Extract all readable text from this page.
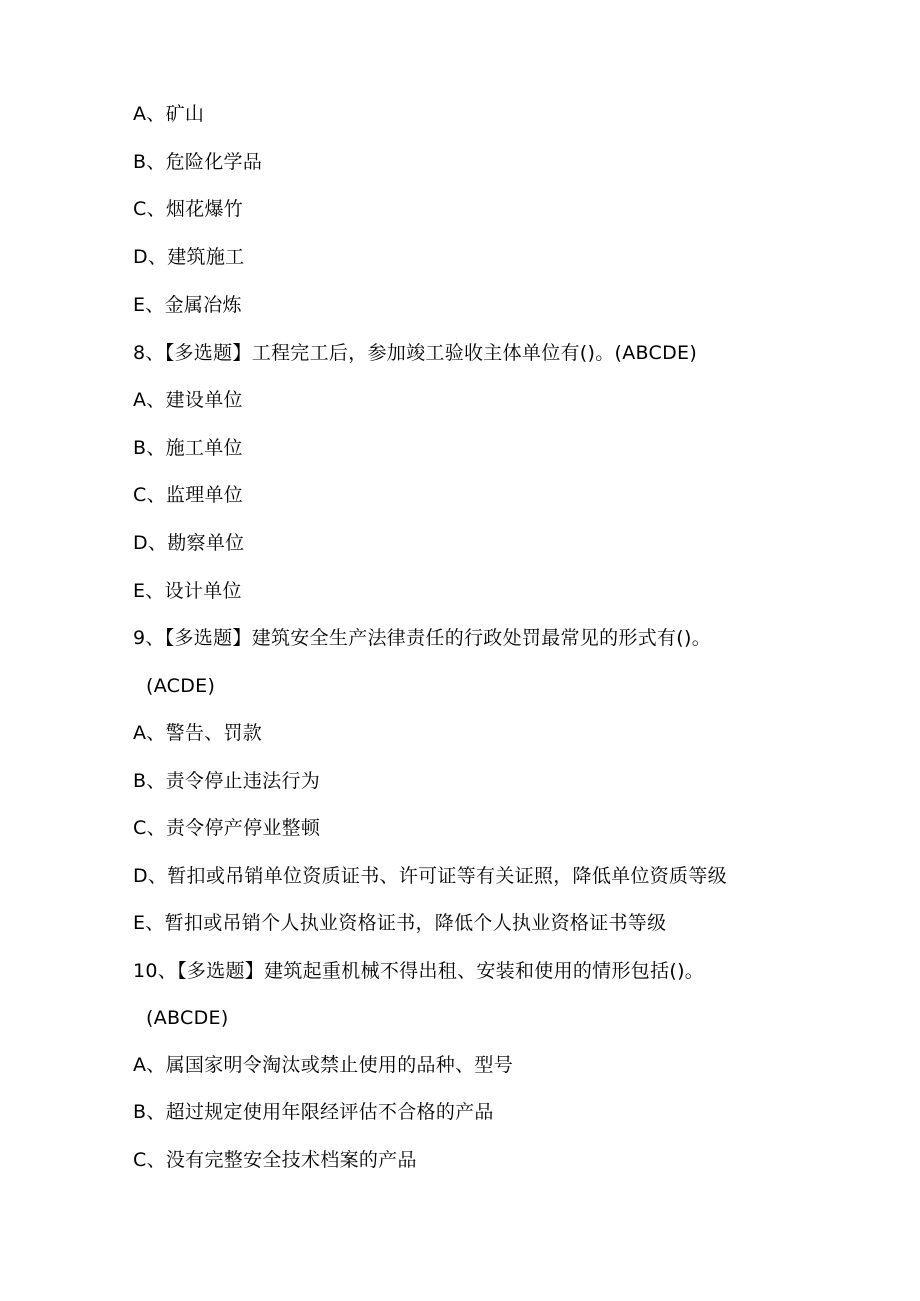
A、矿山
B、危险化学品
C、烟花爆竹
D、建筑施工
E、金属冶炼
8、【多选题】工程完工后，参加竣工验收主体单位有()。(ABCDE)
A、建设单位
B、施工单位
C、监理单位
D、勘察单位
E、设计单位
9、【多选题】建筑安全生产法律责任的行政处罚最常见的形式有()。
(ACDE)
A、警告、罚款
B、责令停止违法行为
C、责令停产停业整顿
D、暂扣或吊销单位资质证书、许可证等有关证照，降低单位资质等级
E、暂扣或吊销个人执业资格证书，降低个人执业资格证书等级
10、【多选题】建筑起重机械不得出租、安装和使用的情形包括()。
(ABCDE)
A、属国家明令淘汰或禁止使用的品种、型号
B、超过规定使用年限经评估不合格的产品
C、没有完整安全技术档案的产品
